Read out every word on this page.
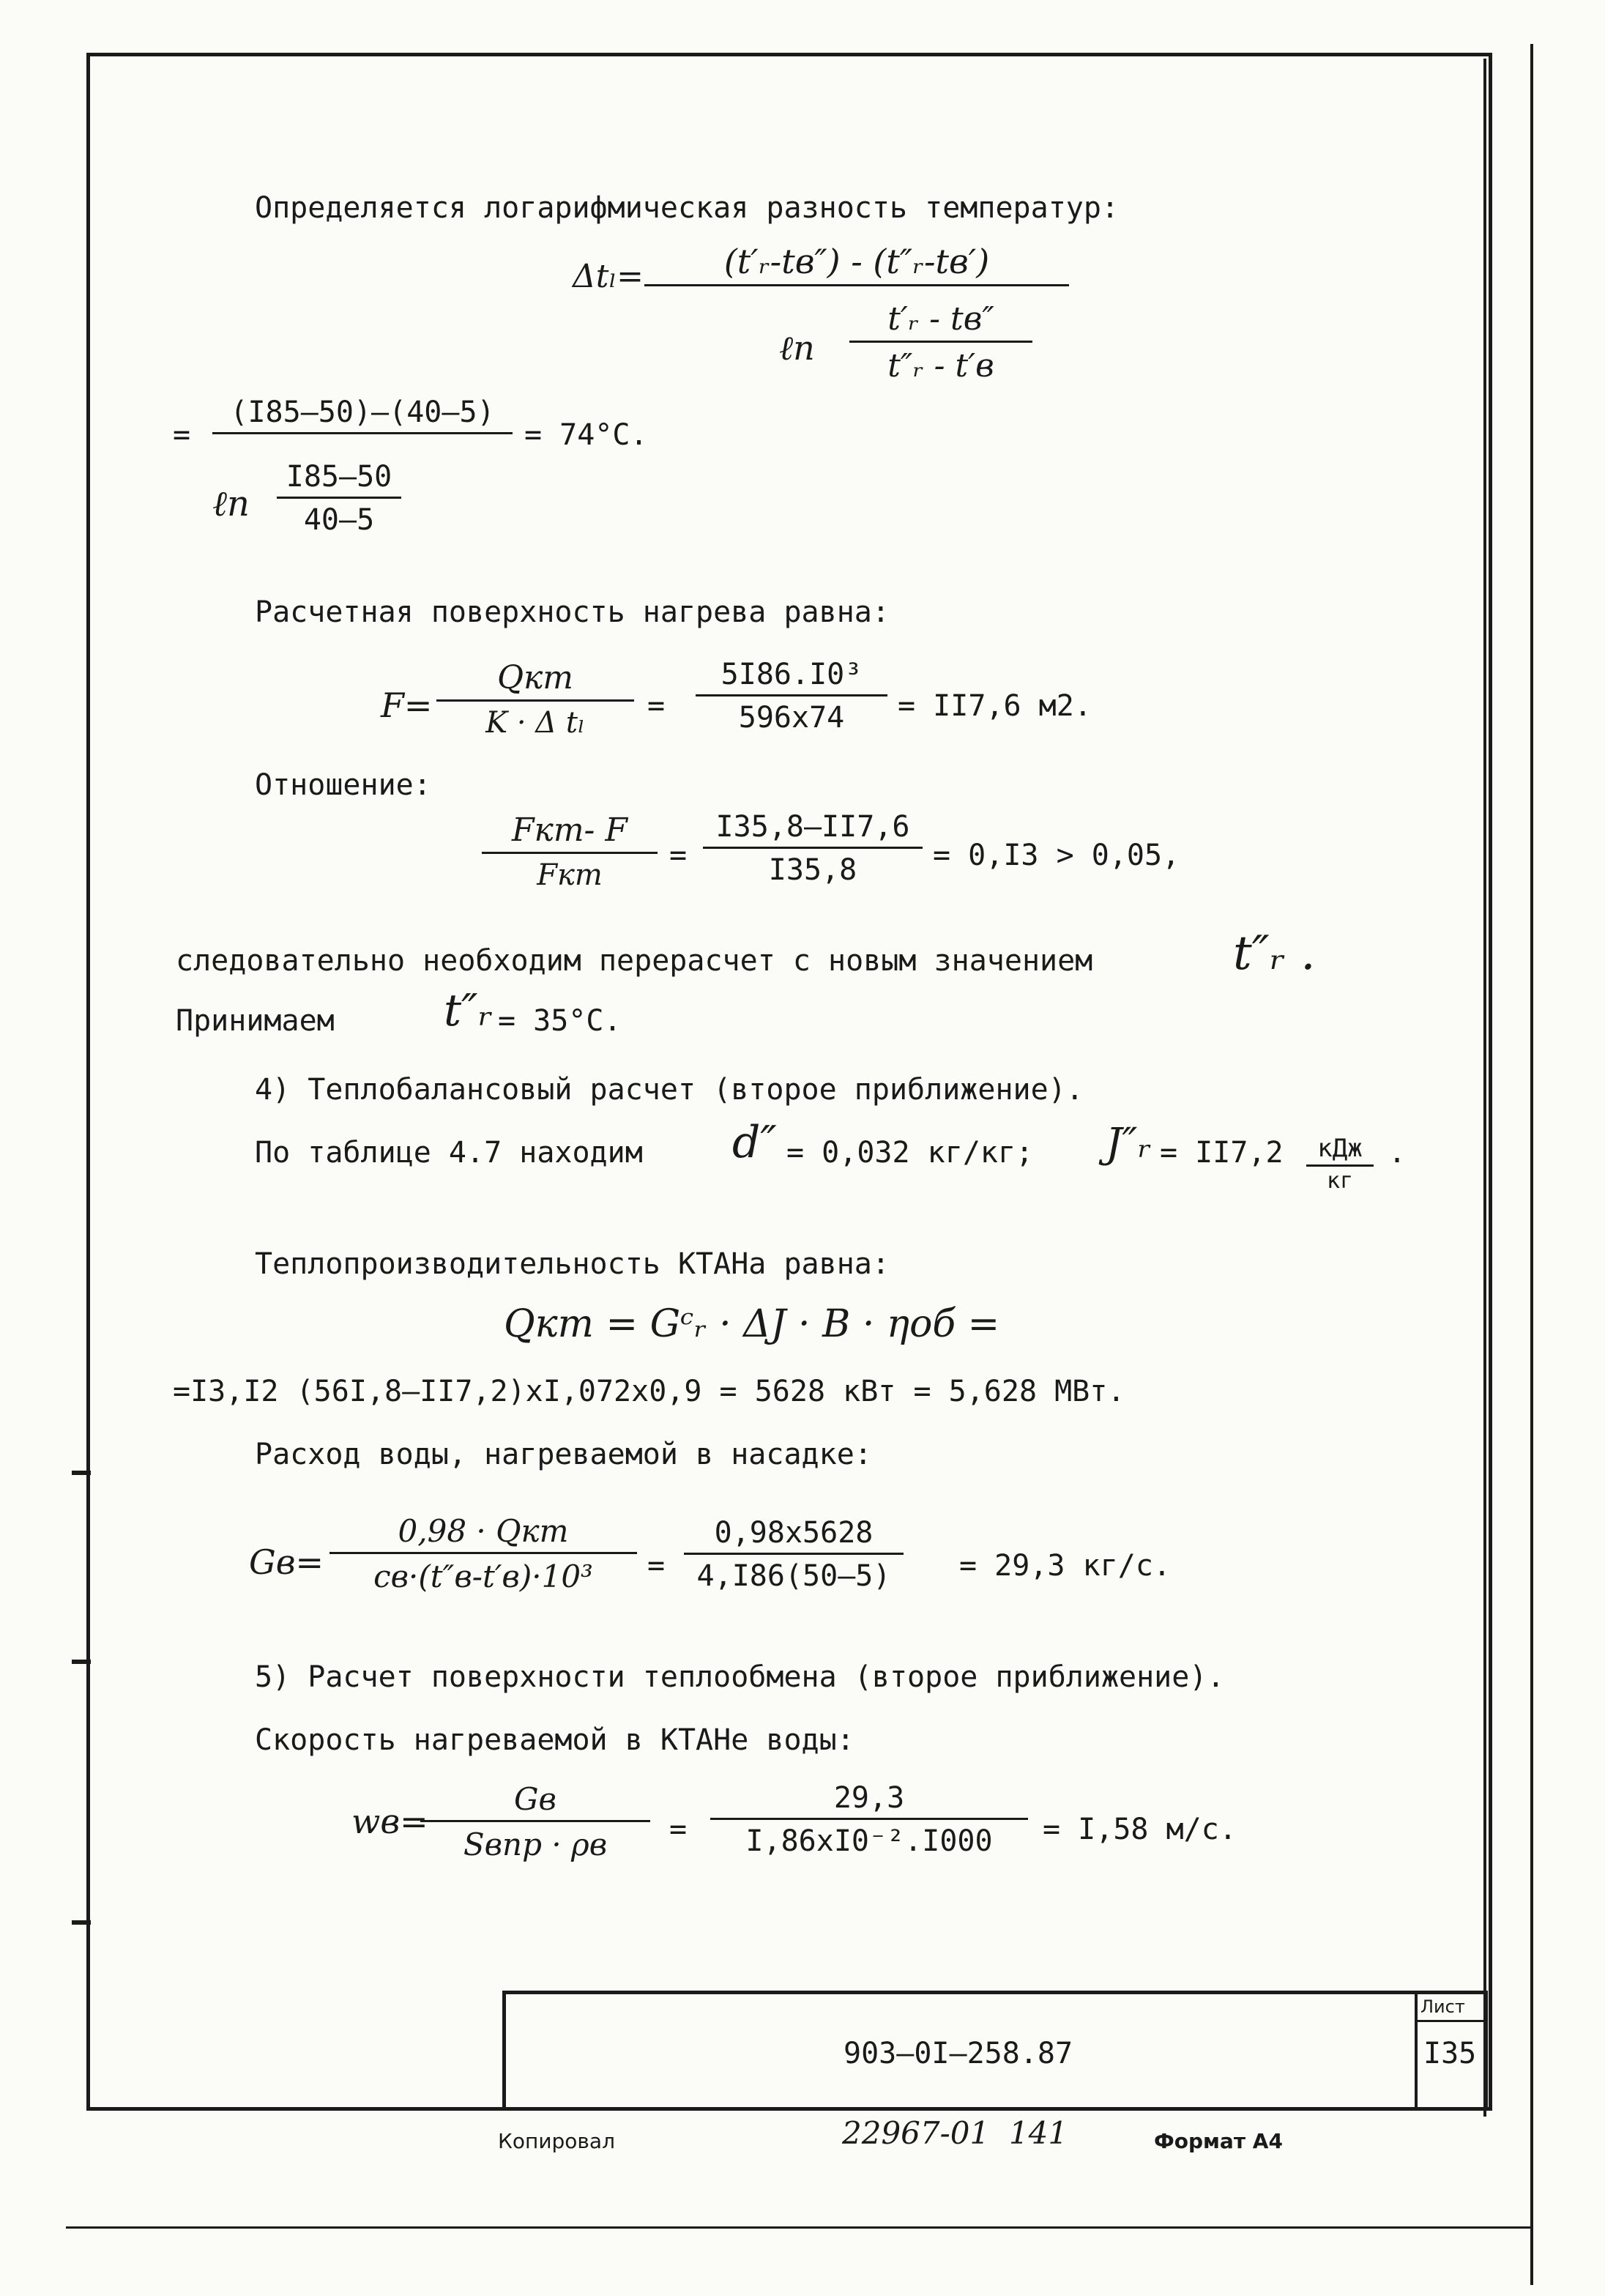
Определяется логарифмическая разность температур:
Δtₗ= (t′ᵣ-tв″) - (t″ᵣ-tв′)
ℓn
t′ᵣ - tв″
t″ᵣ - t′в
=
(I85–50)–(40–5)
= 74°C.
ℓn
I85–50
40–5
Расчетная поверхность нагрева равна:
F=
Qкт
K · Δ tₗ =
5I86.I0³
596x74 = II7,6 м2.
Отношение:
Fкт- F
Fкт
=
I35,8–II7,6
I35,8	= 0,I3 > 0,05,
следовательно необходим перерасчет с новым значением	t″ᵣ .
Принимаем t″ᵣ = 35°C.
4) Теплобалансовый расчет (второе приближение).
По таблице 4.7 находим d″ = 0,032 кг/кг; J″ᵣ = II7,2 кДж
кг
.
Теплопроизводительность КТАНа равна:
Qкт = Gᶜᵣ · ΔJ · B · ηоб =
=I3,I2 (56I,8–II7,2)xI,072x0,9 = 5628 кВт = 5,628 МВт.
Расход воды, нагреваемой в насадке:
Gв=
0,98 · Qкт
cв·(t″в-t′в)·10³ =
0,98x5628
4,I86(50–5) = 29,3 кг/с.
5) Расчет поверхности теплообмена (второе приближение).
Скорость нагреваемой в КТАНе воды:
wв=
Gв
Sвпр · ρв =
29,3
I,86xI0⁻².I000 = I,58 м/с.
903–0I–258.87
Лист
I35
Копировал	22967-01  141	Формат А4
